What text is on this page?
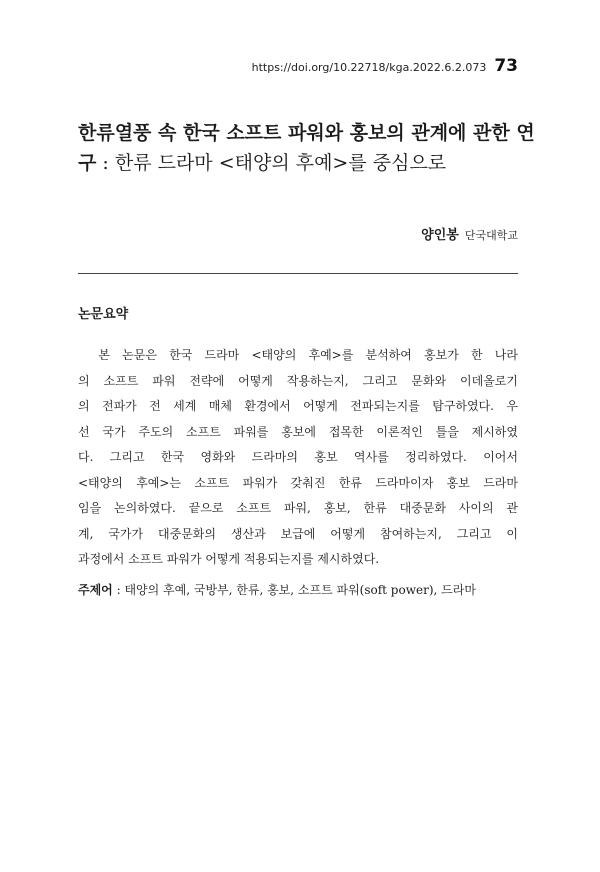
https://doi.org/10.22718/kga.2022.6.2.073 73
한류열풍 속 한국 소프트 파워와 홍보의 관계에 관한 연구 : 한류 드라마 <태양의 후예>를 중심으로
양인봉 단국대학교
논문요약
　본 논문은 한국 드라마 <태양의 후예>를 분석하여 홍보가 한 나라
의 소프트 파워 전략에 어떻게 작용하는지, 그리고 문화와 이데올로기
의 전파가 전 세계 매체 환경에서 어떻게 전파되는지를 탐구하였다. 우
선 국가 주도의 소프트 파워를 홍보에 접목한 이론적인 틀을 제시하였
다. 그리고 한국 영화와 드라마의 홍보 역사를 정리하였다. 이어서
<태양의 후예>는 소프트 파워가 갖춰진 한류 드라마이자 홍보 드라마
임을 논의하였다. 끝으로 소프트 파워, 홍보, 한류 대중문화 사이의 관
계, 국가가 대중문화의 생산과 보급에 어떻게 참여하는지, 그리고 이
과정에서 소프트 파워가 어떻게 적용되는지를 제시하였다.
주제어 : 태양의 후예, 국방부, 한류, 홍보, 소프트 파워(soft power), 드라마
